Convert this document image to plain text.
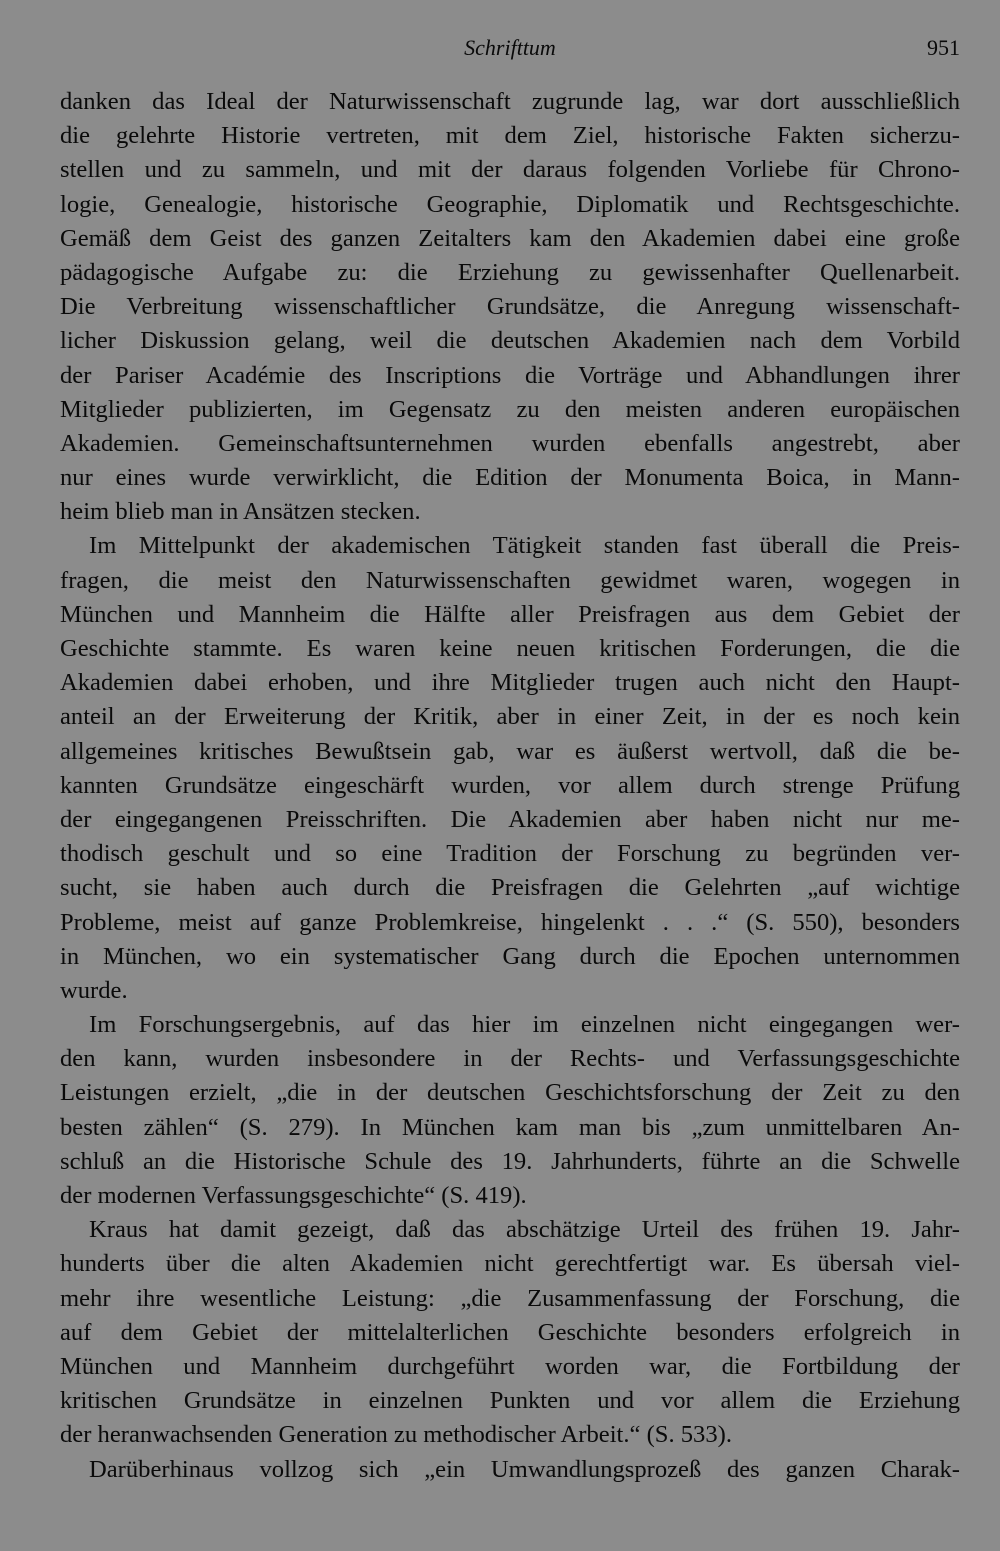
Schrifttum	951
danken das Ideal der Naturwissenschaft zugrunde lag, war dort ausschließlich
die gelehrte Historie vertreten, mit dem Ziel, historische Fakten sicherzu-
stellen und zu sammeln, und mit der daraus folgenden Vorliebe für Chrono-
logie, Genealogie, historische Geographie, Diplomatik und Rechtsgeschichte.
Gemäß dem Geist des ganzen Zeitalters kam den Akademien dabei eine große
pädagogische Aufgabe zu: die Erziehung zu gewissenhafter Quellenarbeit.
Die Verbreitung wissenschaftlicher Grundsätze, die Anregung wissenschaft-
licher Diskussion gelang, weil die deutschen Akademien nach dem Vorbild
der Pariser Académie des Inscriptions die Vorträge und Abhandlungen ihrer
Mitglieder publizierten, im Gegensatz zu den meisten anderen europäischen
Akademien. Gemeinschaftsunternehmen wurden ebenfalls angestrebt, aber
nur eines wurde verwirklicht, die Edition der Monumenta Boica, in Mann-
heim blieb man in Ansätzen stecken.
Im Mittelpunkt der akademischen Tätigkeit standen fast überall die Preis-
fragen, die meist den Naturwissenschaften gewidmet waren, wogegen in
München und Mannheim die Hälfte aller Preisfragen aus dem Gebiet der
Geschichte stammte. Es waren keine neuen kritischen Forderungen, die die
Akademien dabei erhoben, und ihre Mitglieder trugen auch nicht den Haupt-
anteil an der Erweiterung der Kritik, aber in einer Zeit, in der es noch kein
allgemeines kritisches Bewußtsein gab, war es äußerst wertvoll, daß die be-
kannten Grundsätze eingeschärft wurden, vor allem durch strenge Prüfung
der eingegangenen Preisschriften. Die Akademien aber haben nicht nur me-
thodisch geschult und so eine Tradition der Forschung zu begründen ver-
sucht, sie haben auch durch die Preisfragen die Gelehrten „auf wichtige
Probleme, meist auf ganze Problemkreise, hingelenkt . . .“ (S. 550), besonders
in München, wo ein systematischer Gang durch die Epochen unternommen
wurde.
Im Forschungsergebnis, auf das hier im einzelnen nicht eingegangen wer-
den kann, wurden insbesondere in der Rechts- und Verfassungsgeschichte
Leistungen erzielt, „die in der deutschen Geschichtsforschung der Zeit zu den
besten zählen“ (S. 279). In München kam man bis „zum unmittelbaren An-
schluß an die Historische Schule des 19. Jahrhunderts, führte an die Schwelle
der modernen Verfassungsgeschichte“ (S. 419).
Kraus hat damit gezeigt, daß das abschätzige Urteil des frühen 19. Jahr-
hunderts über die alten Akademien nicht gerechtfertigt war. Es übersah viel-
mehr ihre wesentliche Leistung: „die Zusammenfassung der Forschung, die
auf dem Gebiet der mittelalterlichen Geschichte besonders erfolgreich in
München und Mannheim durchgeführt worden war, die Fortbildung der
kritischen Grundsätze in einzelnen Punkten und vor allem die Erziehung
der heranwachsenden Generation zu methodischer Arbeit.“ (S. 533).
Darüberhinaus vollzog sich „ein Umwandlungsprozeß des ganzen Charak-
